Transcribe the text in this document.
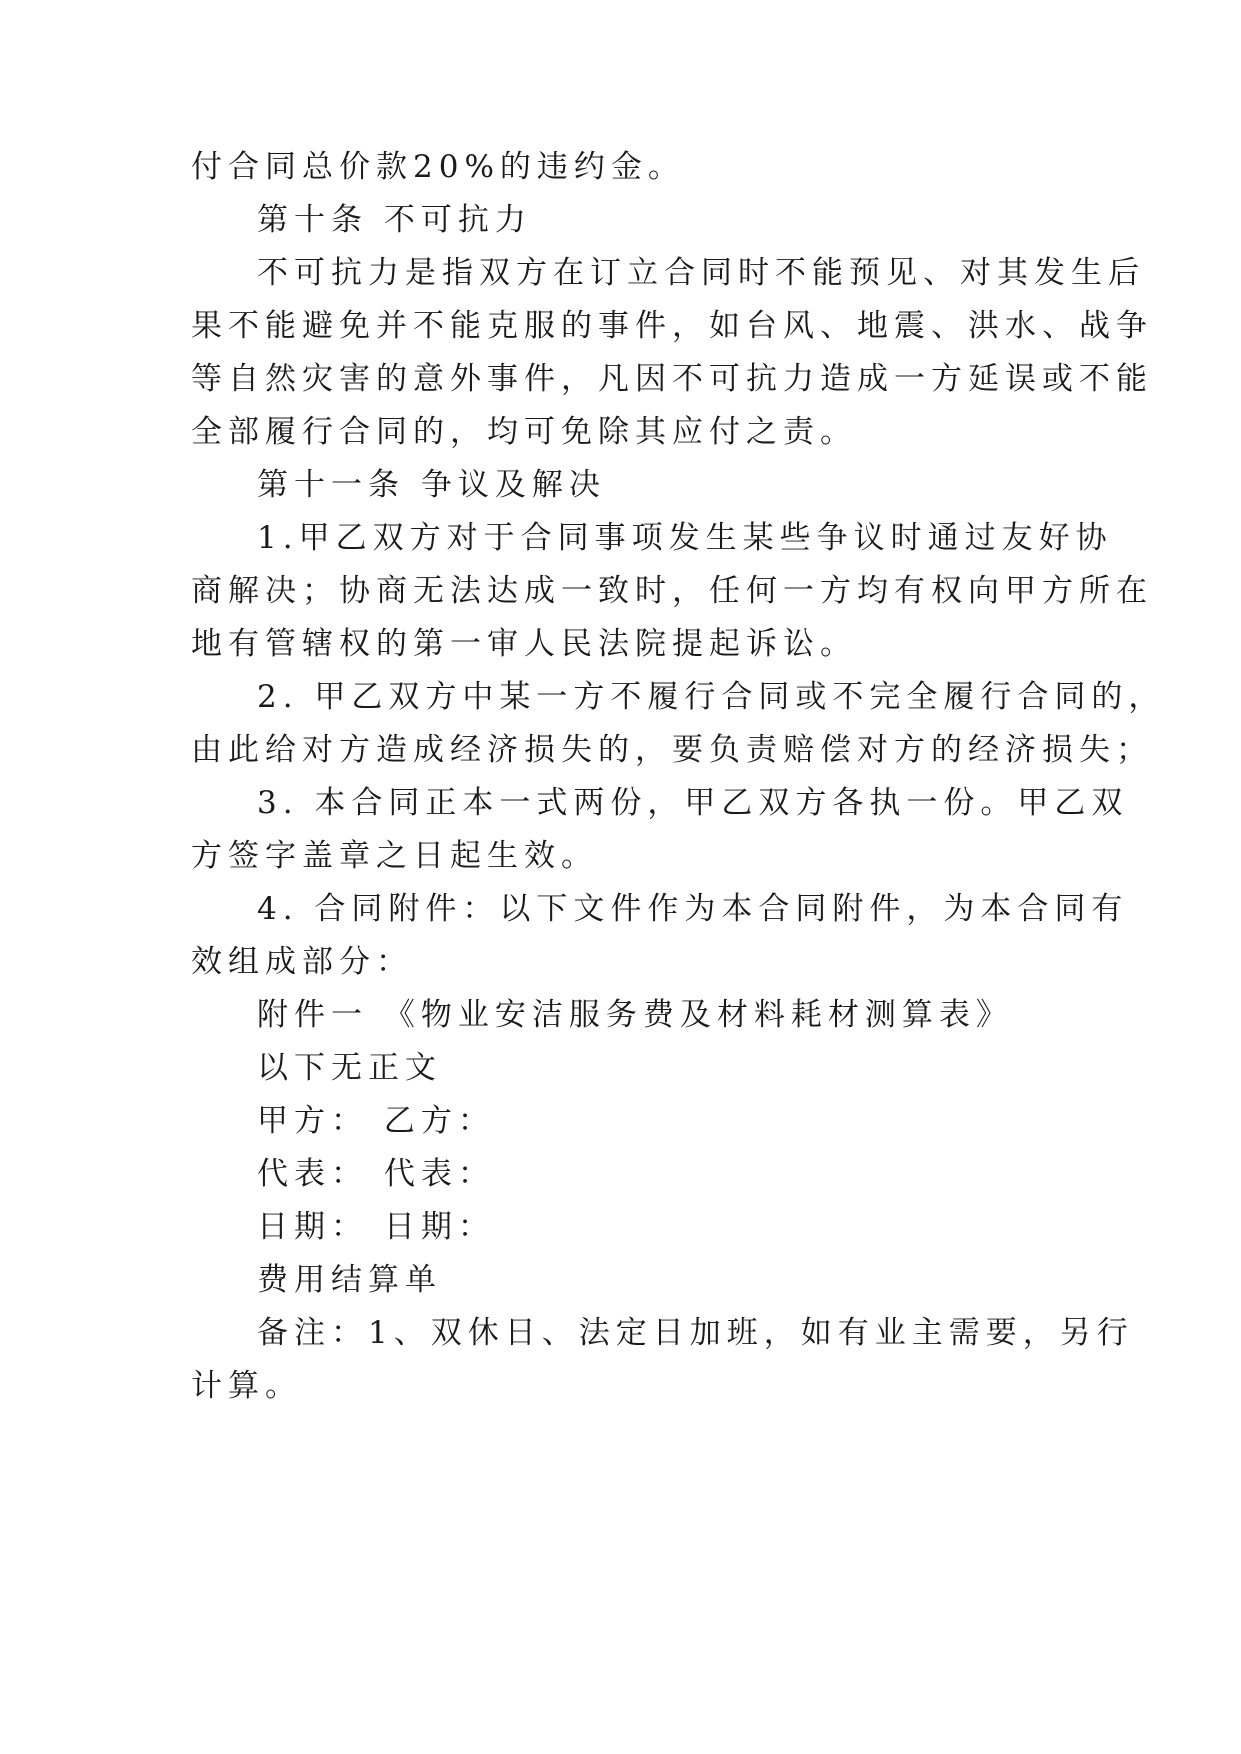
付合同总价款20%的违约金。
第十条 不可抗力
不可抗力是指双方在订立合同时不能预见、对其发生后
果不能避免并不能克服的事件，如台风、地震、洪水、战争
等自然灾害的意外事件，凡因不可抗力造成一方延误或不能
全部履行合同的，均可免除其应付之责。
第十一条 争议及解决
1.甲乙双方对于合同事项发生某些争议时通过友好协
商解决；协商无法达成一致时，任何一方均有权向甲方所在
地有管辖权的第一审人民法院提起诉讼。
2. 甲乙双方中某一方不履行合同或不完全履行合同的，
由此给对方造成经济损失的，要负责赔偿对方的经济损失；
3. 本合同正本一式两份，甲乙双方各执一份。甲乙双
方签字盖章之日起生效。
4. 合同附件：以下文件作为本合同附件，为本合同有
效组成部分：
附件一 《物业安洁服务费及材料耗材测算表》
以下无正文
甲方： 乙方：
代表： 代表：
日期： 日期：
费用结算单
备注：1、双休日、法定日加班，如有业主需要，另行
计算。
